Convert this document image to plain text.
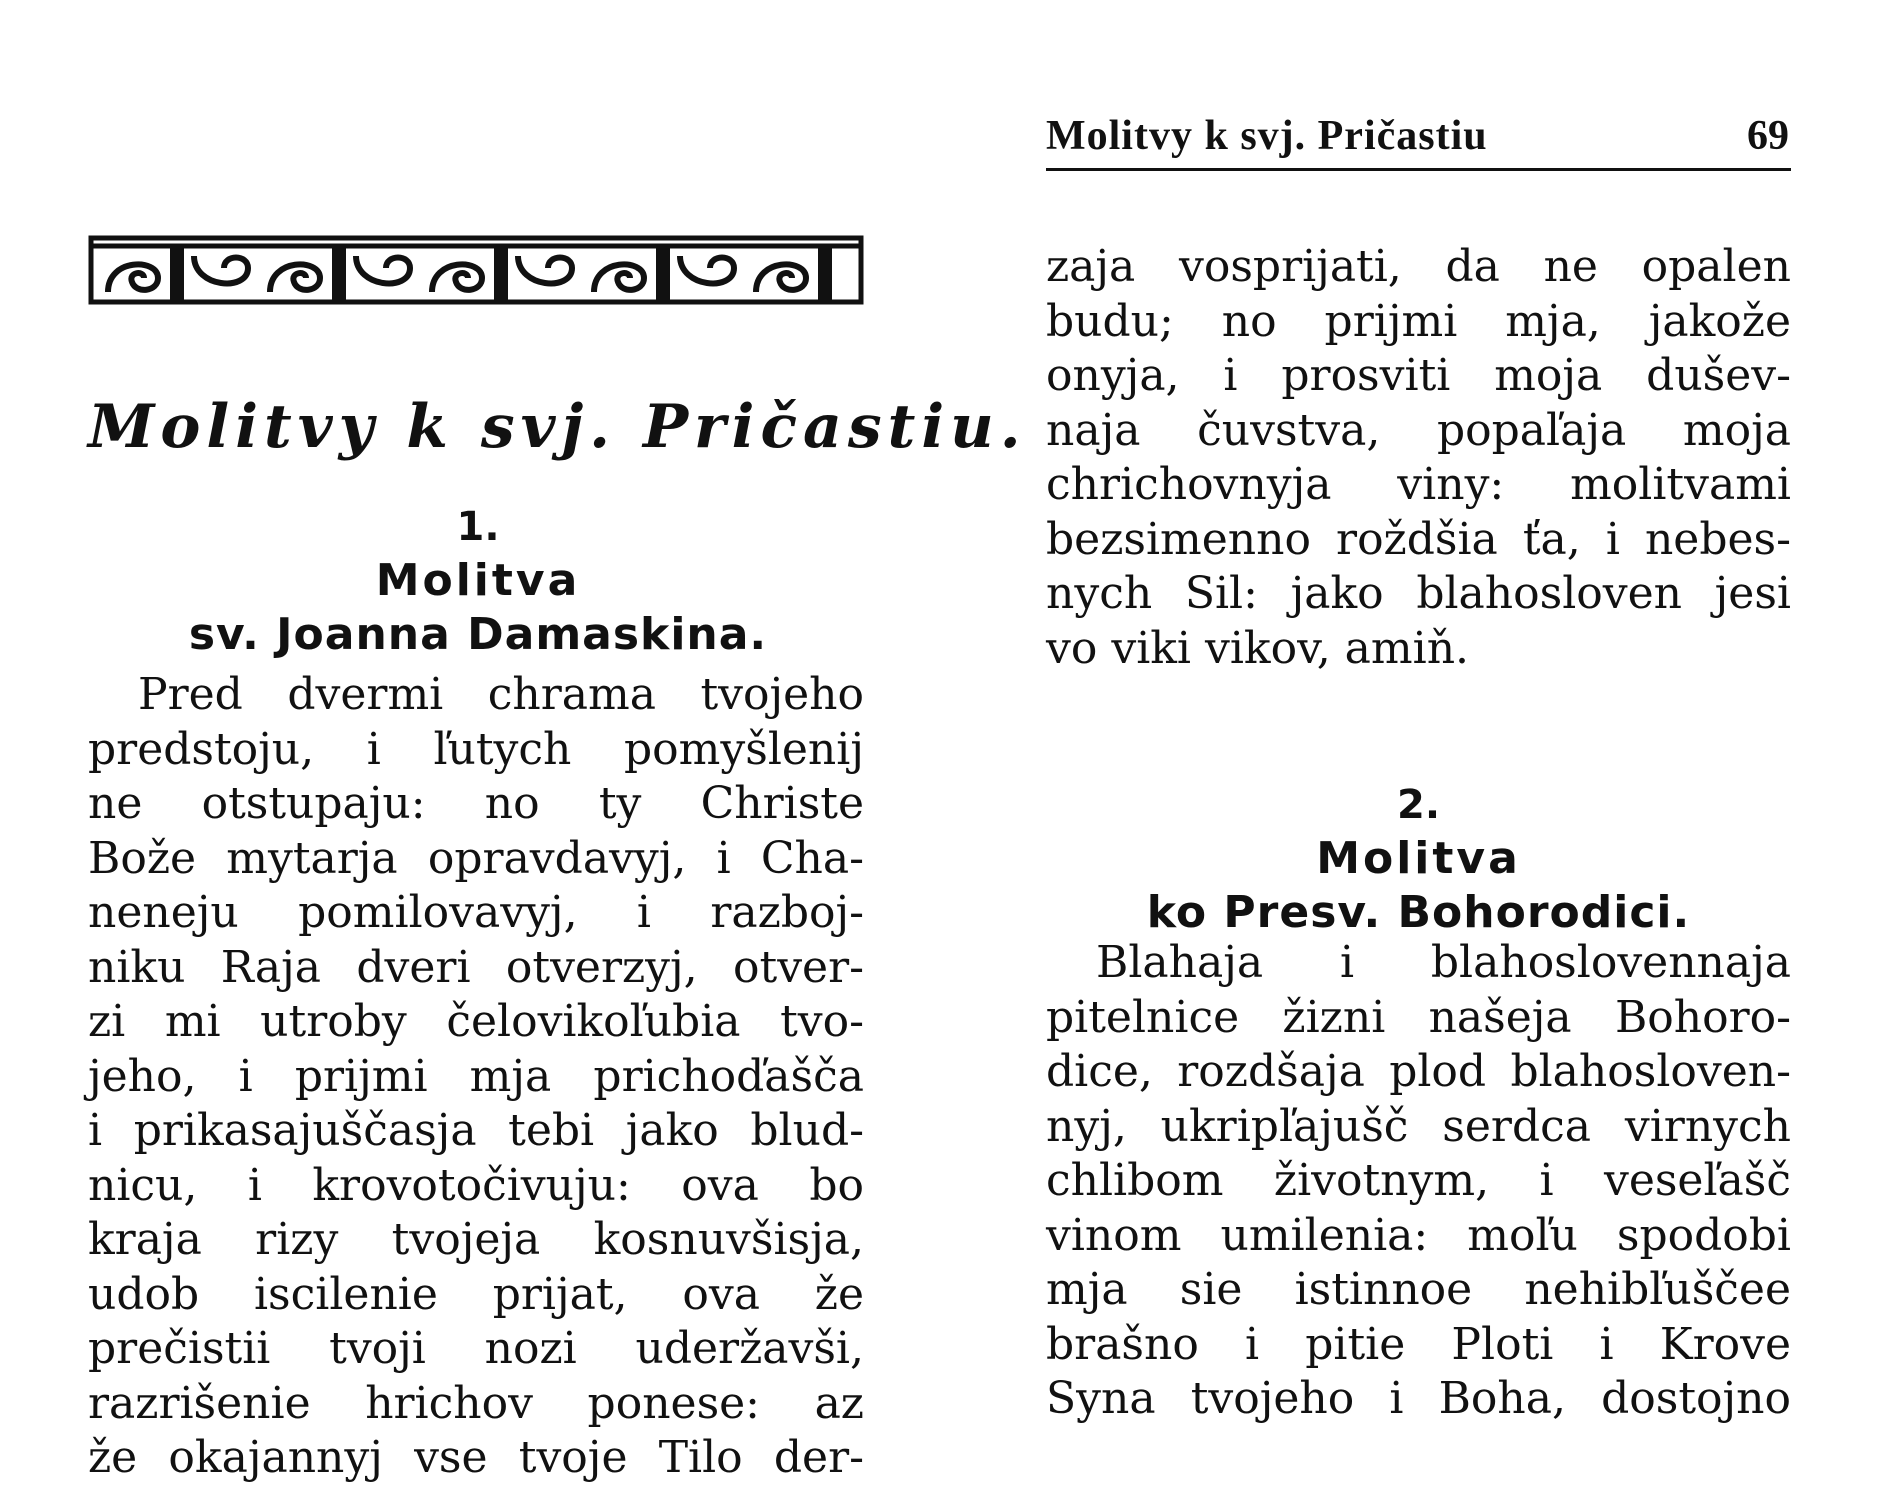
Molitvy k svj. Pričastiu.
1.
Molitva
sv. Joanna Damaskina.
Pred dvermi chrama tvojeho
predstoju, i ľutych pomyšlenij
ne otstupaju: no ty Christe
Bože mytarja opravdavyj, i Cha-
neneju pomilovavyj, i razboj-
niku Raja dveri otverzyj, otver-
zi mi utroby čelovikoľubia tvo-
jeho, i prijmi mja prichoďaščа
i prikasajuščasja tebi jako blud-
nicu, i krovotočivuju: ova bo
kraja rizy tvojeja kosnuvšisja,
udob iscilenie prijat, ova že
prečistii tvoji nozi uderžavši,
razrišenie hrichov ponese: az
že okajannyj vse tvoje Tilo der-
Molitvy k svj. Pričastiu	69
zaja vosprijati, da ne opalen
budu; no prijmi mja, jakože
onyja, i prosviti moja dušev-
naja čuvstva, popaľaja moja
chrichovnyja viny: molitvami
bezsimenno roždšia ťa, i nebes-
nych Sil: jako blahosloven jesi
vo viki vikov, amiň.
2.
Molitva
ko Presv. Bohorodici.
Blahaja i blahoslovennaja
pitelnice žizni našeja Bohoro-
dice, rozdšaja plod blahosloven-
nyj, ukripľajušč serdca virnych
chlibom životnym, i veseľašč
vinom umilenia: moľu spodobi
mja sie istinnoe nehibľuščee
brašno i pitie Ploti i Krove
Syna tvojeho i Boha, dostojno
